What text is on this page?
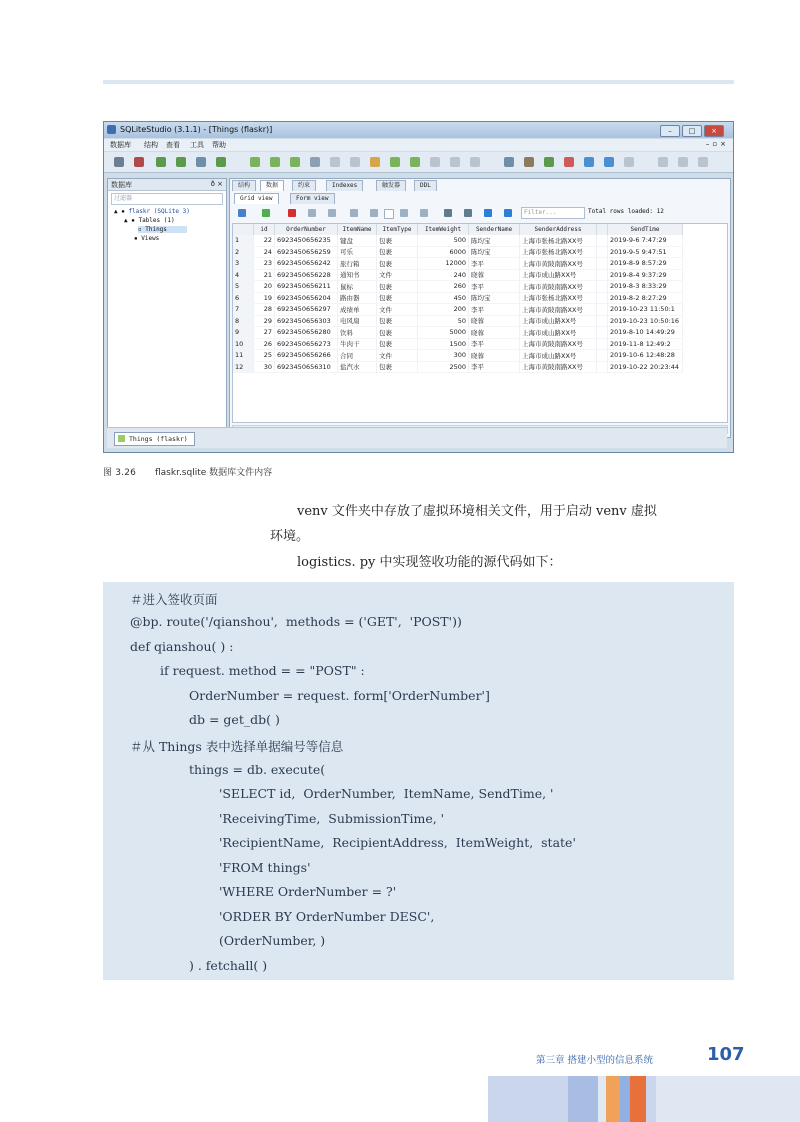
SQLiteStudio (3.1.1) - [Things (flaskr)]	–	□	×
数据库 结构 查看 工具 帮助	–▫×
数据库	ð ×
过滤器
▲ ▪ flaskr (SQLite 3)
▲ ▪ Tables (1)
▫ Things
▪ Views
结构	数据	约束	Indexes	触发器	DDL
Grid view	Form view
Filter...	Total rows loaded: 12
	id	OrderNumber	ItemName	ItemType	ItemWeight	SenderName	SenderAddress		SendTime
1	22	6923450656235	键盘	包裹	500	陈均宝	上海市张杨北路XX号		2019-9-6 7:47:29
2	24	6923450656259	可乐	包裹	6000	陈均宝	上海市张杨北路XX号		2019-9-5 9:47:51
3	23	6923450656242	旅行箱	包裹	12000	李平	上海市黄陂南路XX号		2019-8-9 8:57:29
4	21	6923450656228	通知书	文件	240	晓蓉	上海市成山路XX号		2019-8-4 9:37:29
5	20	6923450656211	鼠标	包裹	260	李平	上海市黄陂南路XX号		2019-8-3 8:33:29
6	19	6923450656204	路由器	包裹	450	陈均宝	上海市张杨北路XX号		2019-8-2 8:27:29
7	28	6923450656297	成绩单	文件	200	李平	上海市黄陂南路XX号		2019-10-23 11:50:1
8	29	6923450656303	电风扇	包裹	50	晓蓉	上海市成山路XX号		2019-10-23 10:50:16
9	27	6923450656280	饮料	包裹	5000	晓蓉	上海市成山路XX号		2019-8-10 14:49:29
10	26	6923450656273	牛肉干	包裹	1500	李平	上海市黄陂南路XX号		2019-11-8 12:49:2
11	25	6923450656266	合同	文件	300	晓蓉	上海市成山路XX号		2019-10-6 12:48:28
12	30	6923450656310	盐汽水	包裹	2500	李平	上海市黄陂南路XX号		2019-10-22 20:23:44
Things (flaskr)
图 3.26 flaskr.sqlite 数据库文件内容
venv 文件夹中存放了虚拟环境相关文件，用于启动 venv 虚拟
环境。
logistics. py 中实现签收功能的源代码如下：
＃进入签收页面
@bp. route('/qianshou',  methods = ('GET',  'POST'))
def qianshou( ) :
if request. method = = "POST" :
OrderNumber = request. form['OrderNumber']
db = get_db( )
＃从 Things 表中选择单据编号等信息
things = db. execute(
'SELECT id,  OrderNumber,  ItemName, SendTime, '
'ReceivingTime,  SubmissionTime, '
'RecipientName,  RecipientAddress,  ItemWeight,  state'
'FROM things'
'WHERE OrderNumber = ?'
'ORDER BY OrderNumber DESC',
(OrderNumber, )
) . fetchall( )
第三章 搭建小型的信息系统	107
